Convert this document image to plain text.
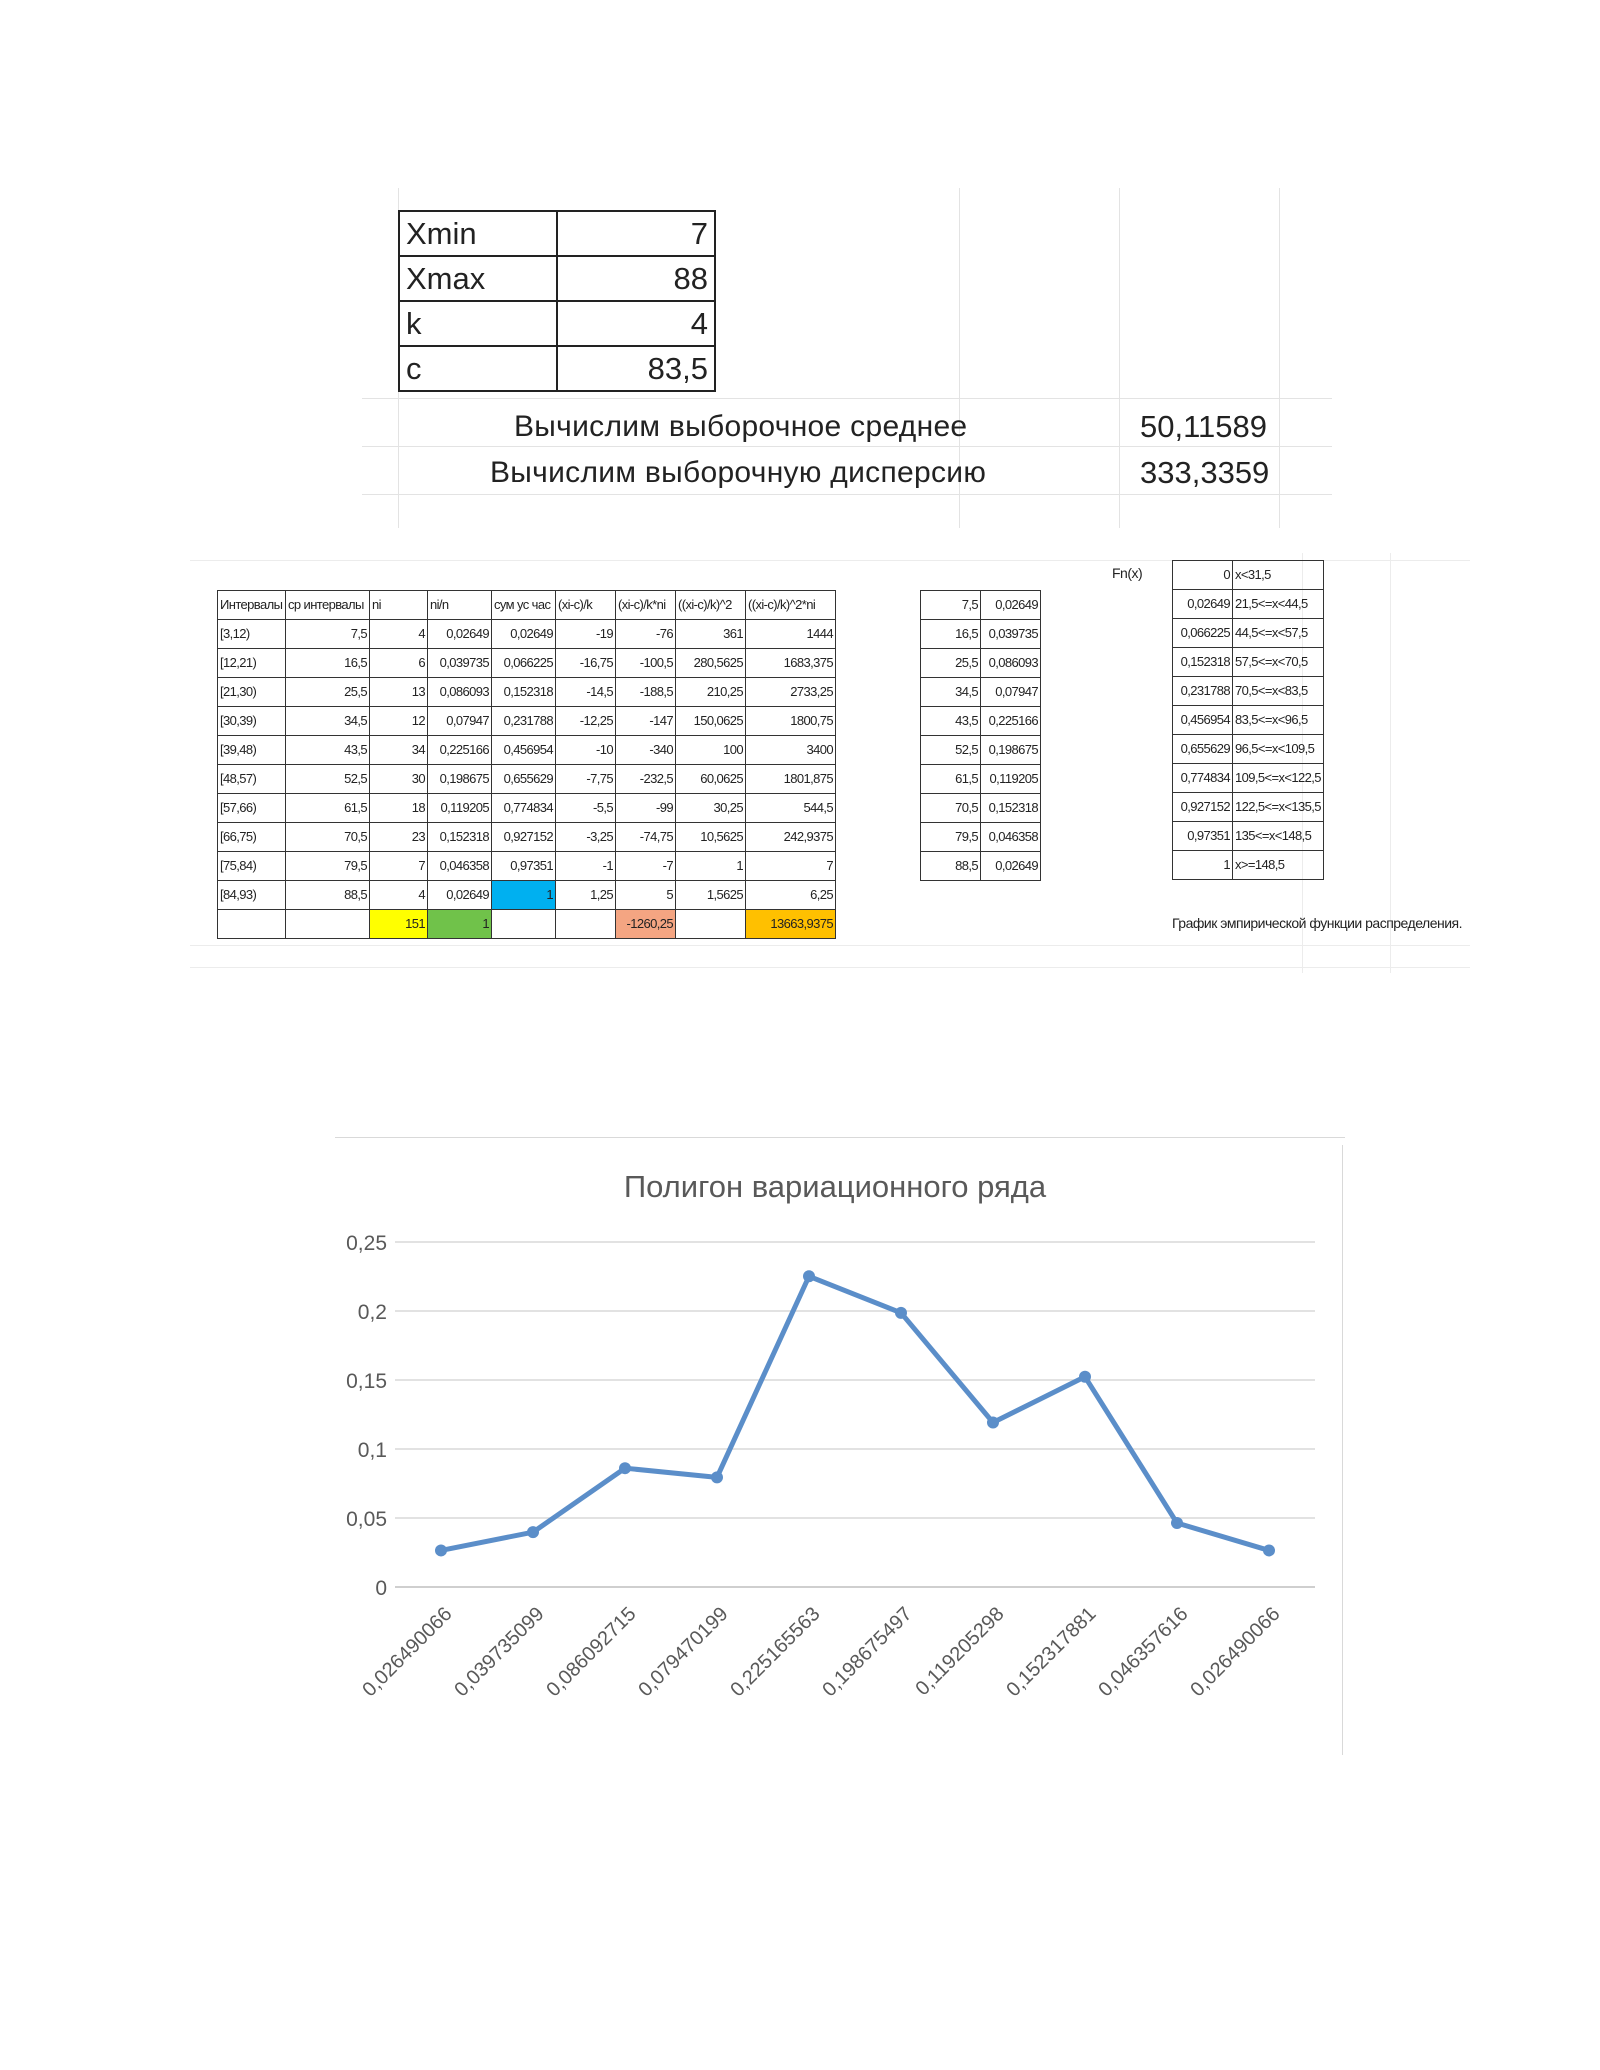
Xmin	7
Xmax	88
k	4
c	83,5
Вычислим выборочное среднее	50,11589
Вычислим выборочную дисперсию	333,3359
Интервалы	ср интервалы	ni	ni/n	сум ус час	(xi-c)/k	(xi-c)/k*ni	((xi-c)/k)^2	((xi-c)/k)^2*ni
[3,12)	7,5	4	0,02649	0,02649	-19	-76	361	1444
[12,21)	16,5	6	0,039735	0,066225	-16,75	-100,5	280,5625	1683,375
[21,30)	25,5	13	0,086093	0,152318	-14,5	-188,5	210,25	2733,25
[30,39)	34,5	12	0,07947	0,231788	-12,25	-147	150,0625	1800,75
[39,48)	43,5	34	0,225166	0,456954	-10	-340	100	3400
[48,57)	52,5	30	0,198675	0,655629	-7,75	-232,5	60,0625	1801,875
[57,66)	61,5	18	0,119205	0,774834	-5,5	-99	30,25	544,5
[66,75)	70,5	23	0,152318	0,927152	-3,25	-74,75	10,5625	242,9375
[75,84)	79,5	7	0,046358	0,97351	-1	-7	1	7
[84,93)	88,5	4	0,02649	1	1,25	5	1,5625	6,25
		151	1			-1260,25		13663,9375
7,5	0,02649
16,5	0,039735
25,5	0,086093
34,5	0,07947
43,5	0,225166
52,5	0,198675
61,5	0,119205
70,5	0,152318
79,5	0,046358
88,5	0,02649
Fn(x)	0	x<31,5
0,02649	21,5<=x<44,5
0,066225	44,5<=x<57,5
0,152318	57,5<=x<70,5
0,231788	70,5<=x<83,5
0,456954	83,5<=x<96,5
0,655629	96,5<=x<109,5
0,774834	109,5<=x<122,5
0,927152	122,5<=x<135,5
0,97351	135<=x<148,5
1	x>=148,5
График эмпирической функции распределения.
Полигон вариационного ряда
0
0,05
0,1
0,15
0,2
0,25
0,026490066
0,039735099
0,086092715
0,079470199
0,225165563
0,198675497
0,119205298
0,152317881
0,046357616
0,026490066
